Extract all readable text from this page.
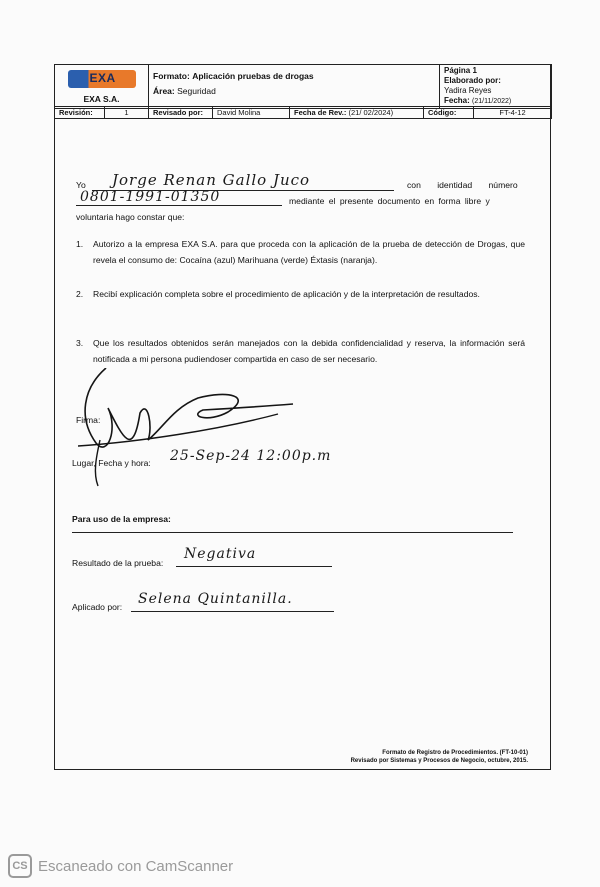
EXA
EXA S.A.

Formato: Aplicación pruebas de drogas
Área: Seguridad

Página 1
Elaborado por:
Yadira Reyes
Fecha: (21/11/2022)
Revisión:	1	Revisado por:	David Molina	Fecha de Rev.: (21/ 02/2024)	Código:	FT-4-12
Yo Jorge Renan Gallo Juco	con identidad número
0801-1991-01350	mediante el presente documento en forma libre y
voluntaria hago constar que:
1.	Autorizo a la empresa EXA S.A. para que proceda con la aplicación de la prueba de detección de Drogas, que revela el consumo de: Cocaína (azul) Marihuana (verde) Éxtasis (naranja).
2.	Recibí explicación completa sobre el procedimiento de aplicación y de la interpretación de resultados.
3.	Que los resultados obtenidos serán manejados con la debida confidencialidad y reserva, la información será notificada a mi persona pudiendoser compartida en caso de ser necesario.
Firma:
Lugar, Fecha y hora: 25-Sep-24 12:00p.m
Para uso de la empresa:
Resultado de la prueba:
Negativa
Aplicado por: Selena Quintanilla.
Formato de Registro de Procedimientos. (FT-10-01)
Revisado por Sistemas y Procesos de Negocio, octubre, 2015.
CS Escaneado con CamScanner
